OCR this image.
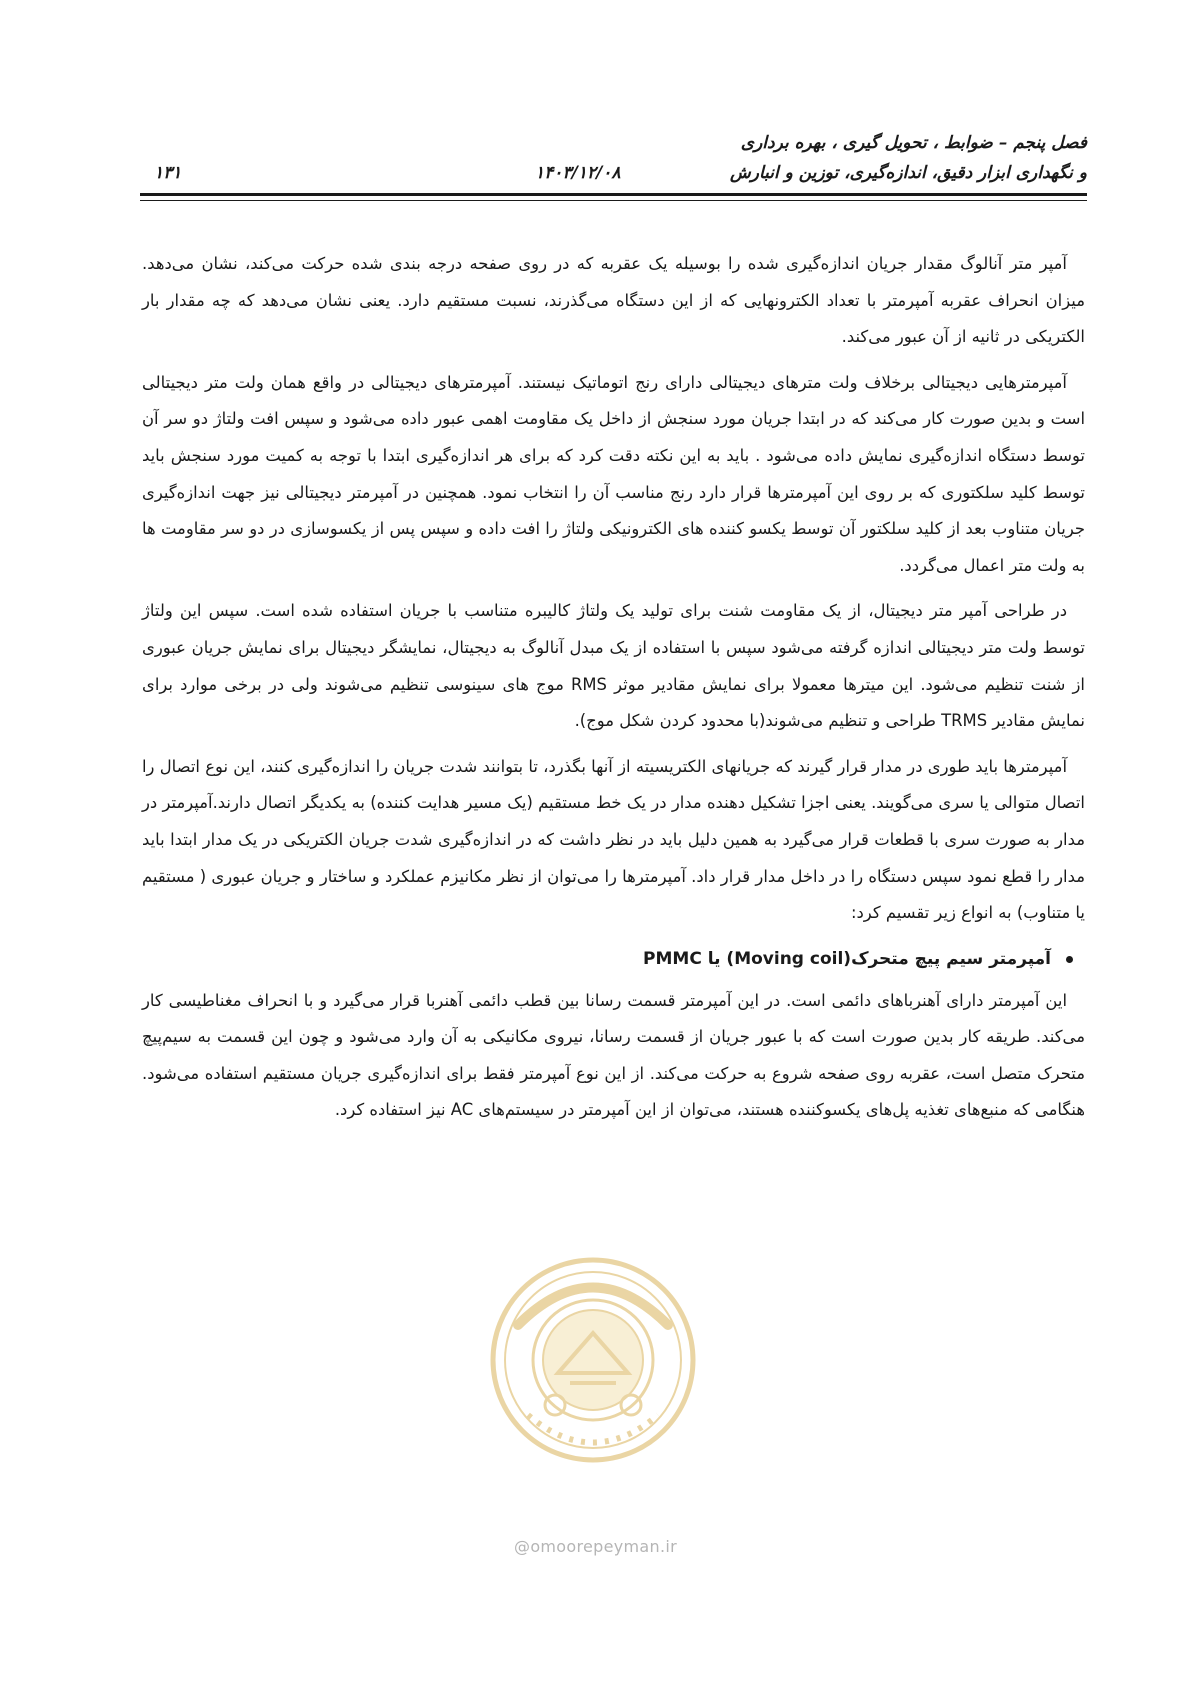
فصل پنجم – ضوابط ، تحویل گیری ، بهره برداری
و نگهداری ابزار دقیق، اندازه‌گیری، توزین و انبارش
۱۴۰۳/۱۲/۰۸
۱۳۱

آمپر متر آنالوگ مقدار جریان اندازه‌گیری شده را بوسیله یک عقربه که در روی صفحه درجه بندی شده حرکت می‌کند، نشان می‌دهد. میزان انحراف عقربه آمپرمتر با تعداد الکترونهایی که از این دستگاه می‌گذرند، نسبت مستقیم دارد. یعنی نشان می‌دهد که چه مقدار بار الکتریکی در ثانیه از آن عبور می‌کند.

آمپرمترهایی دیجیتالی برخلاف ولت مترهای دیجیتالی دارای رنج اتوماتیک نیستند. آمپرمترهای دیجیتالی در واقع همان ولت متر دیجیتالی است و بدین صورت کار می‌کند که در ابتدا جریان مورد سنجش از داخل یک مقاومت اهمی عبور داده می‌شود و سپس افت ولتاژ دو سر آن توسط دستگاه اندازه‌گیری نمایش داده می‌شود . باید به این نکته دقت کرد که برای هر اندازه‌گیری ابتدا با توجه به کمیت مورد سنجش باید توسط کلید سلکتوری که بر روی این آمپرمترها قرار دارد رنج مناسب آن را انتخاب نمود. همچنین در آمپرمتر دیجیتالی نیز جهت اندازه‌گیری جریان متناوب بعد از کلید سلکتور آن توسط یکسو کننده های الکترونیکی ولتاژ را افت داده و سپس پس از یکسوسازی در دو سر مقاومت ها به ولت متر اعمال می‌گردد.

در طراحی آمپر متر دیجیتال، از یک مقاومت شنت برای تولید یک ولتاژ کالیبره متناسب با جریان استفاده شده است. سپس این ولتاژ توسط ولت متر دیجیتالی اندازه گرفته می‌شود سپس با استفاده از یک مبدل آنالوگ به دیجیتال، نمایشگر دیجیتال برای نمایش جریان عبوری از شنت تنظیم می‌شود. این میترها معمولا برای نمایش مقادیر موثر RMS موج های سینوسی تنظیم می‌شوند ولی در برخی موارد برای نمایش مقادیر TRMS طراحی و تنظیم می‌شوند(با محدود کردن شکل موج).

آمپرمترها باید طوری در مدار قرار گیرند که جریانهای الکتریسیته از آنها بگذرد، تا بتوانند شدت جریان را اندازه‌گیری کنند، این نوع اتصال را اتصال متوالی یا سری می‌گویند. یعنی اجزا تشکیل دهنده مدار در یک خط مستقیم (یک مسیر هدایت کننده) به یکدیگر اتصال دارند.آمپرمتر در مدار به صورت سری با قطعات قرار می‌گیرد به همین دلیل باید در نظر داشت که در اندازه‌گیری شدت جریان الکتریکی در یک مدار ابتدا باید مدار را قطع نمود سپس دستگاه را در داخل مدار قرار داد. آمپرمترها را می‌توان از نظر مکانیزم عملکرد و ساختار و جریان عبوری ( مستقیم یا متناوب) به انواع زیر تقسیم کرد:

آمپرمتر سیم پیچ متحرک(Moving coil) یا PMMC

این آمپرمتر دارای آهنرباهای دائمی است. در این آمپرمتر قسمت رسانا بین قطب دائمی آهنربا قرار می‌گیرد و با انحراف مغناطیسی کار می‌کند. طریقه کار بدین صورت است که با عبور جریان از قسمت رسانا، نیروی مکانیکی به آن وارد می‌شود و چون این قسمت به سیم‌پیچ متحرک متصل است، عقربه روی صفحه شروع به حرکت می‌کند. از این نوع آمپرمتر فقط برای اندازه‌گیری جریان مستقیم استفاده می‌شود. هنگامی که منبع‌های تغذیه پل‌های یکسوکننده هستند، می‌توان از این آمپرمتر در سیستم‌های AC نیز استفاده کرد.

@omoorepeyman.ir
